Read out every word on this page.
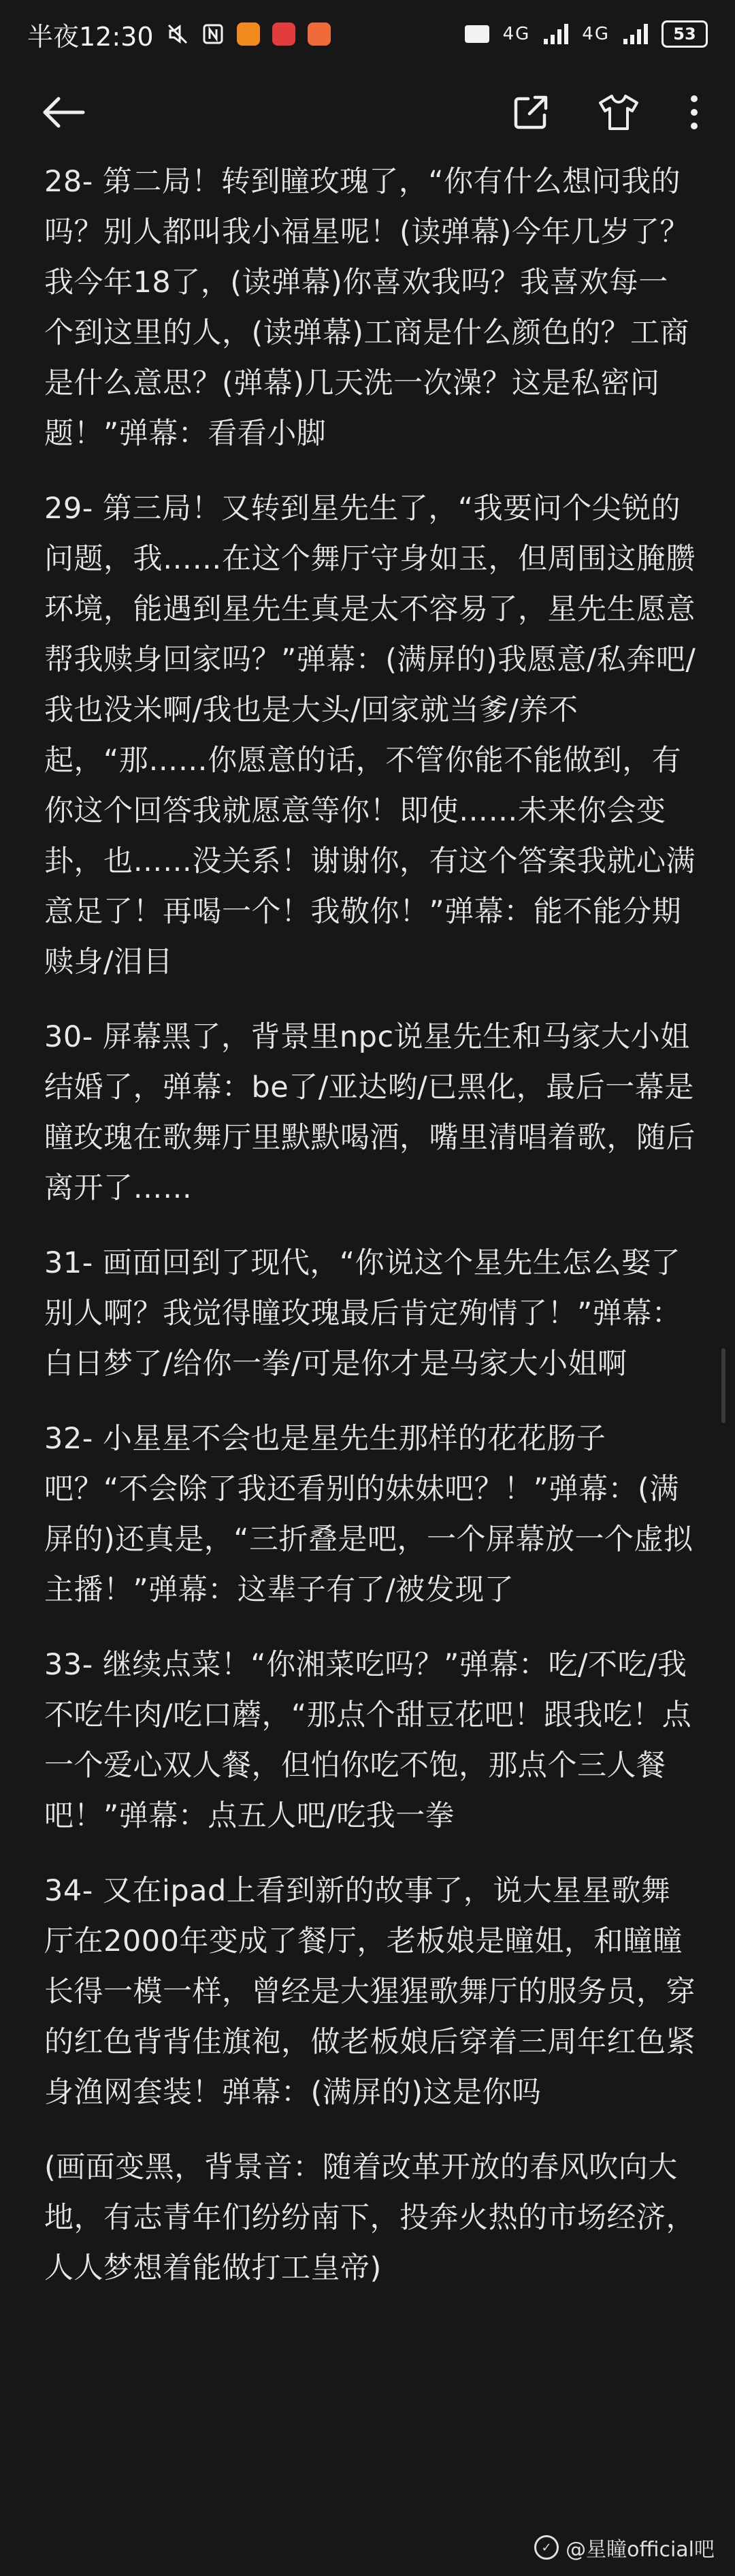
半夜12:30	4G	4G	53

28- 第二局！转到瞳玫瑰了，“你有什么想问我的吗？别人都叫我小福星呢！(读弹幕)今年几岁了？我今年18了，(读弹幕)你喜欢我吗？我喜欢每一个到这里的人，(读弹幕)工商是什么颜色的？工商是什么意思？(弹幕)几天洗一次澡？这是私密问题！”弹幕：看看小脚

29- 第三局！又转到星先生了，“我要问个尖锐的问题，我……在这个舞厅守身如玉，但周围这腌臜环境，能遇到星先生真是太不容易了，星先生愿意帮我赎身回家吗？”弹幕：(满屏的)我愿意/私奔吧/我也没米啊/我也是大头/回家就当爹/养不起，“那……你愿意的话，不管你能不能做到，有你这个回答我就愿意等你！即使……未来你会变卦，也……没关系！谢谢你，有这个答案我就心满意足了！再喝一个！我敬你！”弹幕：能不能分期赎身/泪目

30- 屏幕黑了，背景里npc说星先生和马家大小姐结婚了，弹幕：be了/亚达哟/已黑化，最后一幕是瞳玫瑰在歌舞厅里默默喝酒，嘴里清唱着歌，随后离开了……

31- 画面回到了现代，“你说这个星先生怎么娶了别人啊？我觉得瞳玫瑰最后肯定殉情了！”弹幕：白日梦了/给你一拳/可是你才是马家大小姐啊

32- 小星星不会也是星先生那样的花花肠子吧？“不会除了我还看别的妹妹吧？！”弹幕：(满屏的)还真是，“三折叠是吧，一个屏幕放一个虚拟主播！”弹幕：这辈子有了/被发现了

33- 继续点菜！“你湘菜吃吗？”弹幕：吃/不吃/我不吃牛肉/吃口蘑，“那点个甜豆花吧！跟我吃！点一个爱心双人餐，但怕你吃不饱，那点个三人餐吧！”弹幕：点五人吧/吃我一拳

34- 又在ipad上看到新的故事了，说大星星歌舞厅在2000年变成了餐厅，老板娘是瞳姐，和瞳瞳长得一模一样，曾经是大猩猩歌舞厅的服务员，穿的红色背背佳旗袍，做老板娘后穿着三周年红色紧身渔网套装！弹幕：(满屏的)这是你吗

(画面变黑，背景音：随着改革开放的春风吹向大地，有志青年们纷纷南下，投奔火热的市场经济，人人梦想着能做打工皇帝)

✓ @星瞳official吧
